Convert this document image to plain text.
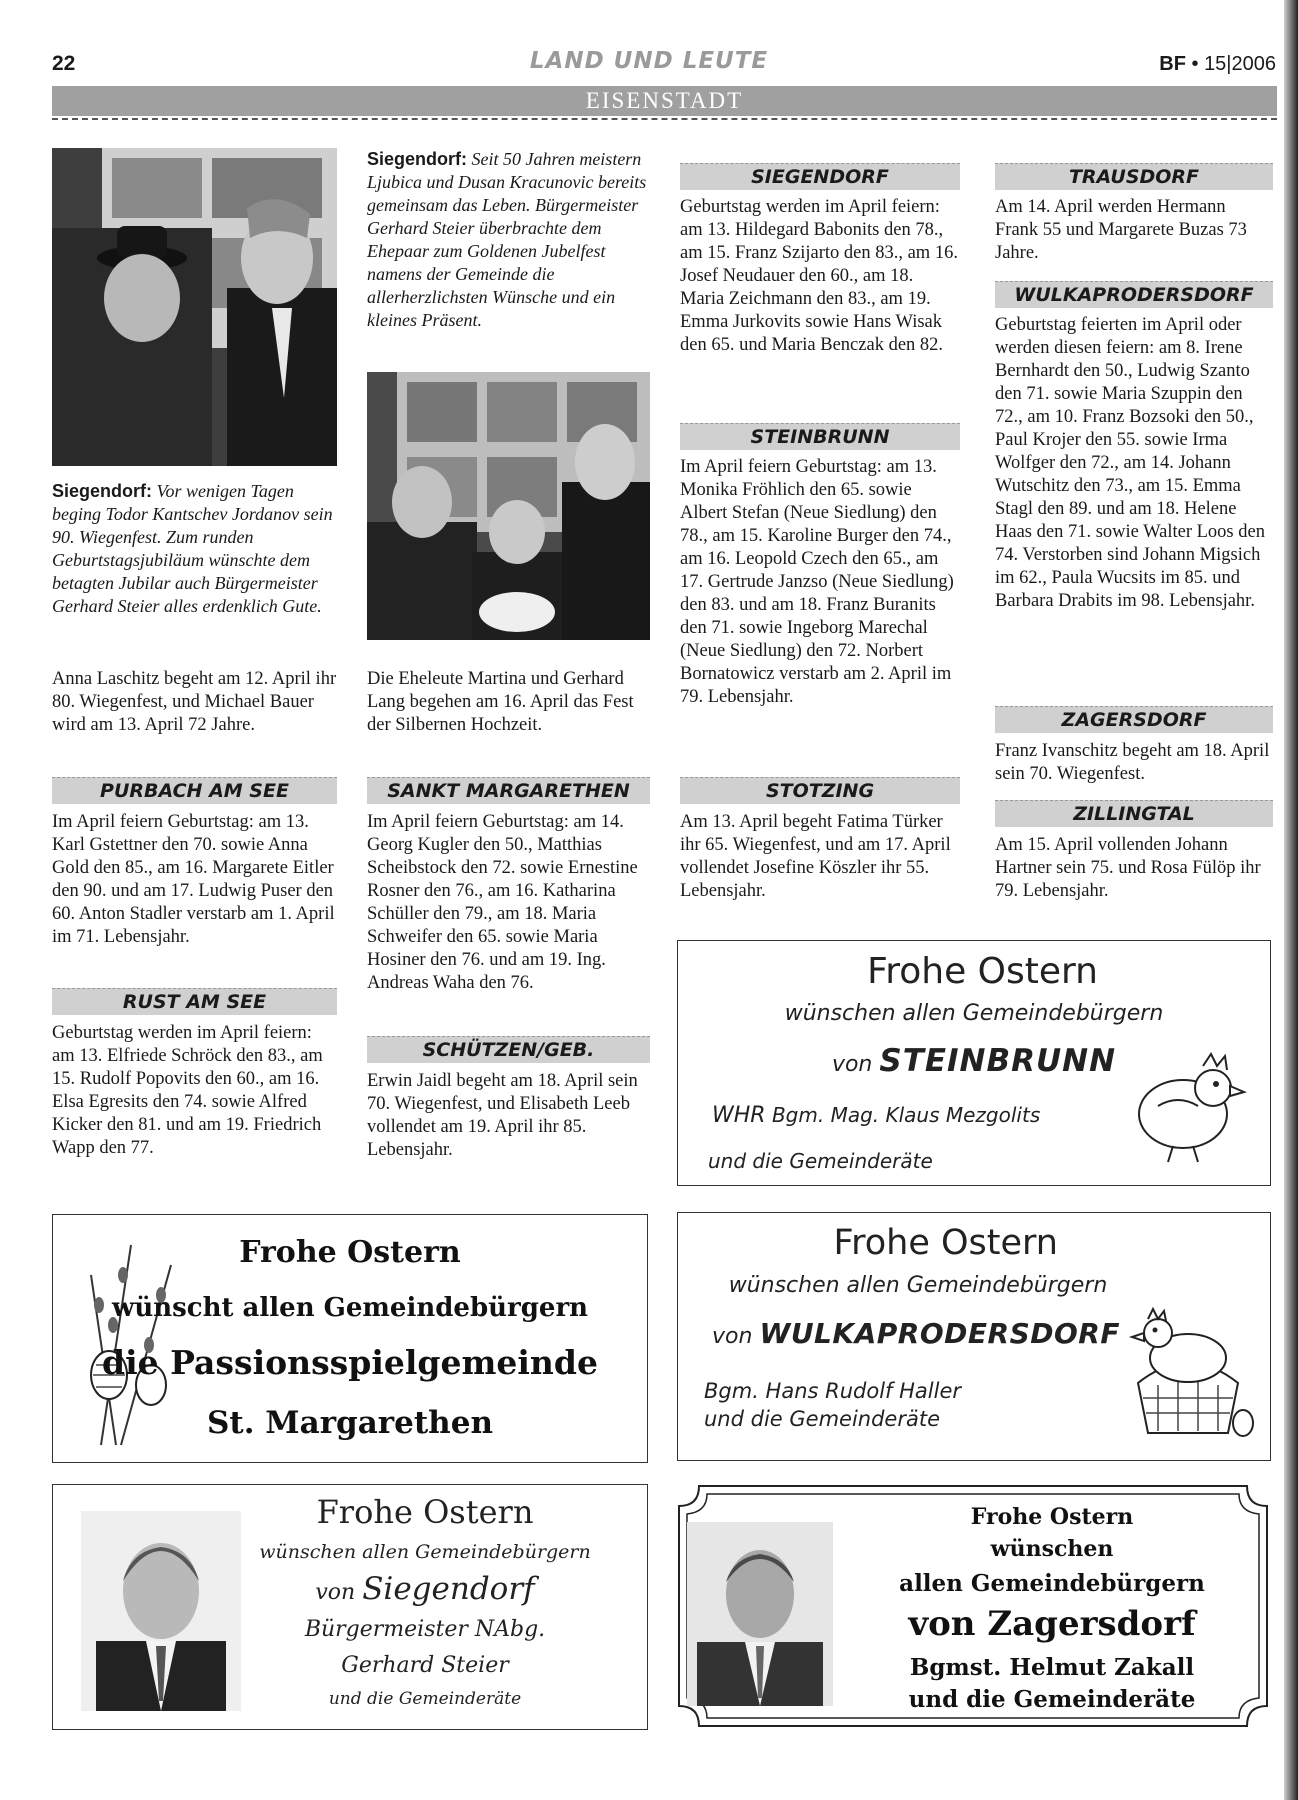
22	LAND UND LEUTE	BF • 15|2006
EISENSTADT
Siegendorf: Vor wenigen Tagen beging Todor Kantschev Jordanov sein 90. Wiegenfest. Zum runden Geburtstagsjubiläum wünschte dem betagten Jubilar auch Bürgermeister Gerhard Steier alles erdenklich Gute.
Anna Laschitz begeht am 12. April ihr 80. Wiegenfest, und Michael Bauer wird am 13. April 72 Jahre.
PURBACH AM SEE
Im April feiern Geburtstag: am 13. Karl Gstettner den 70. sowie Anna Gold den 85., am 16. Margarete Eitler den 90. und am 17. Ludwig Puser den 60. Anton Stadler verstarb am 1. April im 71. Lebensjahr.
RUST AM SEE
Geburtstag werden im April feiern: am 13. Elfriede Schröck den 83., am 15. Rudolf Popovits den 60., am 16. Elsa Egresits den 74. sowie Alfred Kicker den 81. und am 19. Friedrich Wapp den 77.
Siegendorf: Seit 50 Jahren meistern Ljubica und Dusan Kracunovic bereits gemeinsam das Leben. Bürgermeister Gerhard Steier überbrachte dem Ehepaar zum Goldenen Jubelfest namens der Gemeinde die allerherzlichsten Wünsche und ein kleines Präsent.
Die Eheleute Martina und Gerhard Lang begehen am 16. April das Fest der Silbernen Hochzeit.
SANKT MARGARETHEN
Im April feiern Geburtstag: am 14. Georg Kugler den 50., Matthias Scheibstock den 72. sowie Ernestine Rosner den 76., am 16. Katharina Schüller den 79., am 18. Maria Schweifer den 65. sowie Maria Hosiner den 76. und am 19. Ing. Andreas Waha den 76.
SCHÜTZEN/GEB.
Erwin Jaidl begeht am 18. April sein 70. Wiegenfest, und Elisabeth Leeb vollendet am 19. April ihr 85. Lebensjahr.
SIEGENDORF
Geburtstag werden im April feiern: am 13. Hildegard Babonits den 78., am 15. Franz Szijarto den 83., am 16. Josef Neudauer den 60., am 18. Maria Zeichmann den 83., am 19. Emma Jurkovits sowie Hans Wisak den 65. und Maria Benczak den 82.
STEINBRUNN
Im April feiern Geburtstag: am 13. Monika Fröhlich den 65. sowie Albert Stefan (Neue Siedlung) den 78., am 15. Karoline Burger den 74., am 16. Leopold Czech den 65., am 17. Gertrude Janzso (Neue Siedlung) den 83. und am 18. Franz Buranits den 71. sowie Ingeborg Marechal (Neue Siedlung) den 72. Norbert Bornatowicz verstarb am 2. April im 79. Lebensjahr.
STOTZING
Am 13. April begeht Fatima Türker ihr 65. Wiegenfest, und am 17. April vollendet Josefine Köszler ihr 55. Lebensjahr.
TRAUSDORF
Am 14. April werden Hermann Frank 55 und Margarete Buzas 73 Jahre.
WULKAPRODERSDORF
Geburtstag feierten im April oder werden diesen feiern: am 8. Irene Bernhardt den 50., Ludwig Szanto den 71. sowie Maria Szuppin den 72., am 10. Franz Bozsoki den 50., Paul Krojer den 55. sowie Irma Wolfger den 72., am 14. Johann Wutschitz den 73., am 15. Emma Stagl den 89. und am 18. Helene Haas den 71. sowie Walter Loos den 74. Verstorben sind Johann Migsich im 62., Paula Wucsits im 85. und Barbara Drabits im 98. Lebensjahr.
ZAGERSDORF
Franz Ivanschitz begeht am 18. April sein 70. Wiegenfest.
ZILLINGTAL
Am 15. April vollenden Johann Hartner sein 75. und Rosa Fülöp ihr 79. Lebensjahr.
Frohe Ostern
wünschen allen Gemeindebürgern
von STEINBRUNN
WHR Bgm. Mag. Klaus Mezgolits
und die Gemeinderäte
Frohe Ostern
wünscht allen Gemeindebürgern
die Passionsspielgemeinde
St. Margarethen
Frohe Ostern
wünschen allen Gemeindebürgern
von WULKAPRODERSDORF
Bgm. Hans Rudolf Haller
und die Gemeinderäte
Frohe Ostern
wünschen allen Gemeindebürgern
von Siegendorf
Bürgermeister NAbg.
Gerhard Steier
und die Gemeinderäte
Frohe Ostern
wünschen
allen Gemeindebürgern
von Zagersdorf
Bgmst. Helmut Zakall
und die Gemeinderäte
